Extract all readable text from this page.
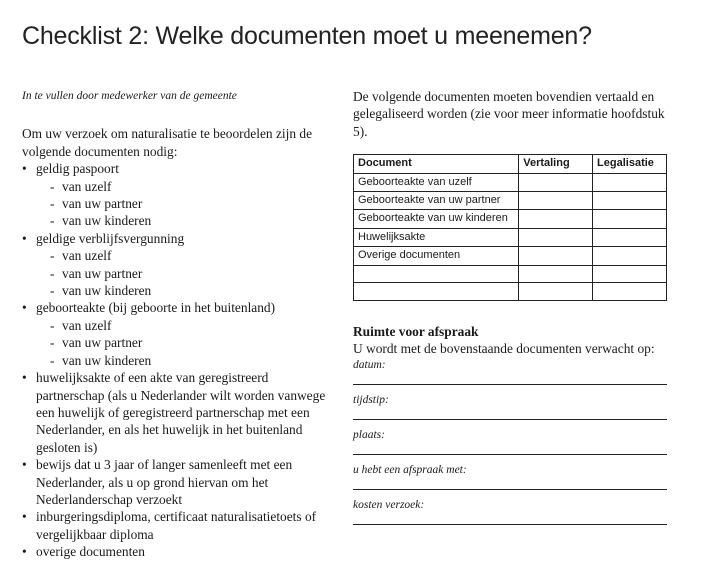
Checklist 2: Welke documenten moet u meenemen?
In te vullen door medewerker van de gemeente
Om uw verzoek om naturalisatie te beoordelen zijn de volgende documenten nodig:
• geldig paspoort
- van uzelf
- van uw partner
- van uw kinderen
• geldige verblijfsvergunning
- van uzelf
- van uw partner
- van uw kinderen
• geboorteakte (bij geboorte in het buitenland)
- van uzelf
- van uw partner
- van uw kinderen
• huwelijksakte of een akte van geregistreerd partnerschap (als u Nederlander wilt worden vanwege een huwelijk of geregistreerd partnerschap met een Nederlander, en als het huwelijk in het buitenland gesloten is)
• bewijs dat u 3 jaar of langer samenleeft met een Nederlander, als u op grond hiervan om het Nederlanderschap verzoekt
• inburgeringsdiploma, certificaat naturalisatietoets of vergelijkbaar diploma
• overige documenten
De volgende documenten moeten bovendien vertaald en gelegaliseerd worden (zie voor meer informatie hoofdstuk 5).
Document	Vertaling	Legalisatie
Geboorteakte van uzelf		
Geboorteakte van uw partner		
Geboorteakte van uw kinderen		
Huwelijksakte		
Overige documenten		

Ruimte voor afspraak
U wordt met de bovenstaande documenten verwacht op:
datum:
tijdstip:
plaats:
u hebt een afspraak met:
kosten verzoek:
